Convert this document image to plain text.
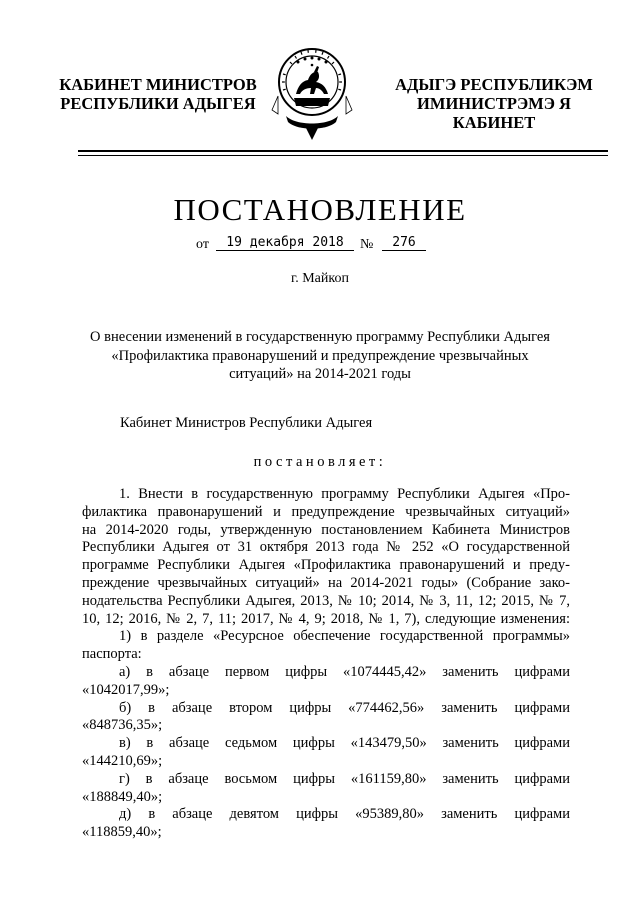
КАБИНЕТ МИНИСТРОВ
РЕСПУБЛИКИ АДЫГЕЯ
АДЫГЭ РЕСПУБЛИКЭМ
ИМИНИСТРЭМЭ Я КАБИНЕТ
ПОСТАНОВЛЕНИЕ
от	19 декабря 2018	№	276
г. Майкоп
О внесении изменений в государственную программу Республики Адыгея
«Профилактика правонарушений и предупреждение чрезвычайных
ситуаций» на 2014-2021 годы
Кабинет Министров Республики Адыгея
постановляет:

1. Внести в государственную программу Республики Адыгея «Про-

филактика правонарушений и предупреждение чрезвычайных ситуаций»

на 2014-2020 годы, утвержденную постановлением Кабинета Министров

Республики Адыгея от 31 октября 2013 года № 252 «О государственной

программе Республики Адыгея «Профилактика правонарушений и преду-

преждение чрезвычайных ситуаций» на 2014-2021 годы» (Собрание зако-

нодательства Республики Адыгея, 2013, № 10; 2014, № 3, 11, 12; 2015, № 7,

10, 12; 2016, № 2, 7, 11; 2017, № 4, 9; 2018, № 1, 7), следующие изменения:

1) в разделе «Ресурсное обеспечение государственной программы»

паспорта:

а) в абзаце первом цифры «1074445,42» заменить цифрами

«1042017,99»;

б) в абзаце втором цифры «774462,56» заменить цифрами

«848736,35»;

в) в абзаце седьмом цифры «143479,50» заменить цифрами

«144210,69»;

г) в абзаце восьмом цифры «161159,80» заменить цифрами

«188849,40»;

д) в абзаце девятом цифры «95389,80» заменить цифрами

«118859,40»;
